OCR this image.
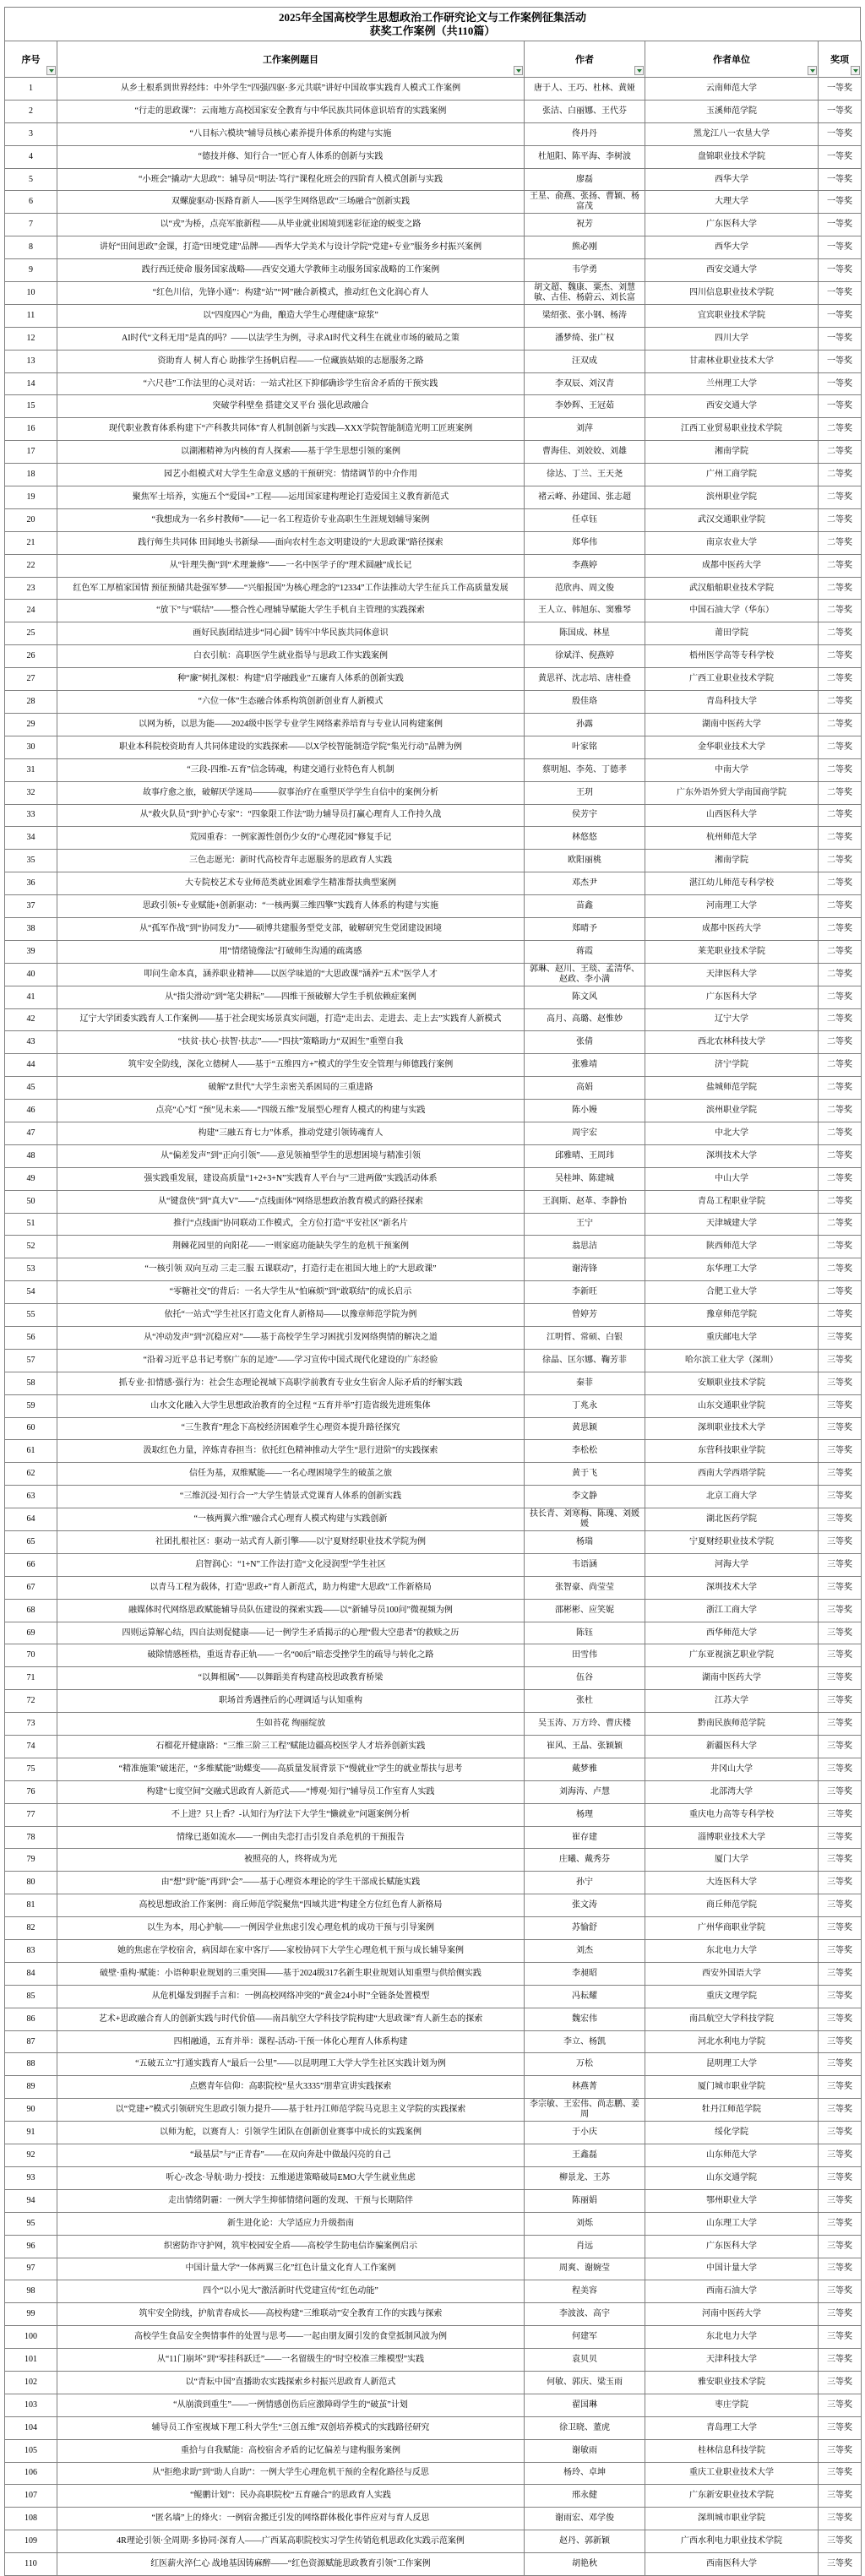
2025年全国高校学生思想政治工作研究论文与工作案例征集活动
获奖工作案例（共110篇）
序号	工作案例题目	作者	作者单位	奖项

1	从乡土根系到世界经纬：中外学生“四强四驱·多元共联”讲好中国故事实践育人模式工作案例	唐于人、王巧、杜林、黄娅	云南师范大学	一等奖
2	“行走的思政课”：云南地方高校国家安全教育与中华民族共同体意识培育的实践案例	张洁、白丽娜、王代芬	玉溪师范学院	一等奖
3	“八目标六模块”辅导员核心素养提升体系的构建与实施	佟丹丹	黑龙江八一农垦大学	一等奖
4	“德技并修、知行合一”匠心育人体系的创新与实践	杜旭阳、陈平海、李树波	盘锦职业技术学院	一等奖
5	“小班会”撬动“大思政”：辅导员“明法·笃行”课程化班会的四阶育人模式创新与实践	廖磊	西华大学	一等奖
6	双螺旋驱动·医路育新人——医学生网络思政“三场融合”创新实践	王星、俞燕、张扬、曹颖、杨富茂	大理大学	一等奖
7	以“戎”为桥，点亮军旅新程——从毕业就业困境到迷彩征途的蜕变之路	祝芳	广东医科大学	一等奖
8	讲好“田间思政”金课，打造“田埂党建”品牌——西华大学美术与设计学院“党建+专业”服务乡村振兴案例	熊必刚	西华大学	一等奖
9	践行西迁使命 服务国家战略——西安交通大学教师主动服务国家战略的工作案例	韦学勇	西安交通大学	一等奖
10	“红色川信，先锋小通”：构建“站”“网”融合新模式，推动红色文化润心育人	胡文超、魏康、粟杰、刘慧敏、古佳、杨蔚云、刘长富	四川信息职业技术学院	一等奖
11	以“四度四心”为曲，酿造大学生心理健康“琼浆”	梁绍张、张小钢、杨涛	宜宾职业技术学院	一等奖
12	AI时代“文科无用”是真的吗？——以法学生为例，寻求AI时代文科生在就业市场的破局之策	潘梦绮、张广权	四川大学	一等奖
13	资助育人 树人育心 助推学生扬帆启程——一位藏族姑娘的志愿服务之路	汪双成	甘肃林业职业技术大学	一等奖
14	“六尺巷”工作法里的心灵对话：一站式社区下抑郁确诊学生宿舍矛盾的干预实践	李双辰、刘汉青	兰州理工大学	一等奖
15	突破学科壁垒 搭建交叉平台 强化思政融合	李妙辉、王冠茹	西安交通大学	一等奖
16	现代职业教育体系构建下“产科教共同体”育人机制创新与实践—XXX学院智能制造光明工匠班案例	刘萍	江西工业贸易职业技术学院	二等奖
17	以湖湘精神为内核的育人探索——基于学生思想引领的案例	曹海佳、刘姣姣、刘雄	湘南学院	二等奖
18	园艺小组模式对大学生生命意义感的干预研究：情绪调节的中介作用	徐达、丁兰、王天尧	广州工商学院	二等奖
19	聚焦军士培养，实施五个“爱国+”工程——运用国家建构理论打造爱国主义教育新范式	褚云峰、孙建国、张志超	滨州职业学院	二等奖
20	“我想成为一名乡村教师”——记一名工程造价专业高职生生涯规划辅导案例	任卓钰	武汉交通职业学院	二等奖
21	践行师生共同体 田间地头书新绿——面向农村生态文明建设的“大思政课”路径探索	郑华伟	南京农业大学	二等奖
22	从“针理失衡”到“术理兼修”——一名中医学子的“理术圆融”成长记	李燕婷	成都中医药大学	二等奖
23	红色军工厚植家国情 预征预储共赴强军梦——“兴船报国”为核心理念的“12334”工作法推动大学生征兵工作高质量发展	范欣冉、周文俊	武汉船舶职业技术学院	二等奖
24	“放下”与“联结”——整合性心理辅导赋能大学生手机自主管理的实践探索	王人立、韩旭东、窦雅琴	中国石油大学（华东）	二等奖
25	画好民族团结进步“同心圆” 铸牢中华民族共同体意识	陈国成、林星	莆田学院	二等奖
26	白衣引航：高职医学生就业指导与思政工作实践案例	徐斌洋、倪燕婷	梧州医学高等专科学校	二等奖
27	种“廉”树扎深根：构建“启学融践业”五廉育人体系的创新实践	黄思祥、沈志培、唐桂叠	广西工业职业技术学院	二等奖
28	“六位一体”生态融合体系构筑创新创业育人新模式	殷佳珞	青岛科技大学	二等奖
29	以网为桥，以思为能——2024级中医学专业学生网络素养培育与专业认同构建案例	孙露	湖南中医药大学	二等奖
30	职业本科院校资助育人共同体建设的实践探索——以X学校智能制造学院“集光行动”品牌为例	叶家铭	金华职业技术大学	二等奖
31	“三段-四维-五育”信念铸魂，构建交通行业特色育人机制	蔡明旭、李苑、丁德孝	中南大学	二等奖
32	故事疗愈之旅，破解厌学迷局———叙事治疗在重塑厌学学生自信中的案例分析	王玥	广东外语外贸大学南国商学院	二等奖
33	从“救火队员”到“护心专家”：“四象限工作法”助力辅导员打赢心理育人工作持久战	侯芳宇	山西医科大学	二等奖
34	荒园重春：一例家源性创伤少女的“心理花园”修复手记	林悠悠	杭州师范大学	二等奖
35	三色志愿光：新时代高校青年志愿服务的思政育人实践	欧阳丽桃	湘南学院	二等奖
36	大专院校艺术专业师范类就业困难学生精准帮扶典型案例	邓杰尹	湛江幼儿师范专科学校	二等奖
37	思政引领+专业赋能+创新驱动：“一核两翼三维四擎”实践育人体系的构建与实施	苗鑫	河南理工大学	二等奖
38	从“孤军作战”到“协同发力”——硕博共建服务型党支部，破解研究生党团建设困境	郑晴予	成都中医药大学	二等奖
39	用“情绪镜像法”打破师生沟通的疏离感	蒋霞	莱芜职业技术学院	二等奖
40	叩问生命本真，涵养职业精神——以医学味道的“大思政课”涵养“五术”医学人才	郭琳、赵川、王琰、孟清华、赵政、李小满	天津医科大学	二等奖
41	从“指尖滑动”到“笔尖耕耘”——四维干预破解大学生手机依赖症案例	陈文风	广东医科大学	二等奖
42	辽宁大学团委实践育人工作案例——基于社会现实场景真实问题，打造“走出去、走进去、走上去”实践育人新模式	高月、高璐、赵惟妙	辽宁大学	二等奖
43	“扶贫·扶心·扶智·扶志”——“四扶”策略助力“双困生”重塑自我	张倩	西北农林科技大学	二等奖
44	筑牢安全防线，深化立德树人——基于“五维四方+”模式的学生安全管理与师德践行案例	张雅靖	济宁学院	二等奖
45	破解“Z世代”大学生亲密关系困局的三重进路	高娟	盐城师范学院	二等奖
46	点亮“心”灯 “预”见未来——“四级五维”发展型心理育人模式的构建与实践	陈小嫚	滨州职业学院	二等奖
47	构建“三融五育七力”体系，推动党建引领铸魂育人	周宇宏	中北大学	二等奖
48	从“偏差发声”到“正向引领”——意见领袖型学生的思想困境与精准引领	邱雅晴、王周玮	深圳技术大学	二等奖
49	强实践重发展，建设高质量“1+2+3+N”实践育人平台与“三进两做”实践活动体系	吴桂坤、陈建城	中山大学	二等奖
50	从“键盘侠”到“真大V”——“点线面体”网络思想政治教育模式的路径探索	王润斯、赵革、李静怡	青岛工程职业学院	二等奖
51	推行“点线面”协同联动工作模式，全方位打造“平安社区”新名片	王宁	天津城建大学	二等奖
52	荆棘花园里的向阳花——一则家庭功能缺失学生的危机干预案例	翁思洁	陕西师范大学	二等奖
53	“一核引领 双向互动 三走三服 五课联动”，打造行走在祖国大地上的“大思政课”	谢涛锋	东华理工大学	二等奖
54	“零糖社交”的背后：一名大学生从“怕麻烦”到“敢联结”的成长启示	李新旺	合肥工业大学	二等奖
55	依托“一站式”学生社区打造文化育人新格局——以豫章师范学院为例	曾婷芳	豫章师范学院	二等奖
56	从“冲动发声”到“沉稳应对”——基于高校学生学习困扰引发网络舆情的解决之道	江明哲、常硕、白银	重庆邮电大学	三等奖
57	“沿着习近平总书记考察广东的足迹”——学习宣传中国式现代化建设的广东经验	徐晶、匡尔娜、鞠芳菲	哈尔滨工业大学（深圳）	三等奖
58	抓专业·扣情感·强行为：社会生态理论视域下高职学前教育专业女生宿舍人际矛盾的纾解实践	秦菲	安顺职业技术学院	三等奖
59	山水文化融入大学生思想政治教育的全过程 “五育并举”打造省级先进班集体	丁兆永	山东交通职业学院	三等奖
60	“三生教育”理念下高校经济困难学生心理资本提升路径探究	黄思颖	深圳职业技术大学	三等奖
61	汲取红色力量，淬炼青春担当：依托红色精神推动大学生“思行进阶”的实践探索	李松松	东营科技职业学院	三等奖
62	信任为基，双维赋能——一名心理困境学生的破茧之旅	黄于飞	西南大学西塔学院	三等奖
63	“三维沉浸·知行合一”大学生情景式党课育人体系的创新实践	李文静	北京工商大学	三等奖
64	“一核两翼六维”融合式心理育人模式构建与实践创新	扶长青、刘寒梅、陈瑰、刘媛媛	湖北医药学院	三等奖
65	社团扎根社区：驱动一站式育人新引擎——以宁夏财经职业技术学院为例	杨瑞	宁夏财经职业技术学院	三等奖
66	启智润心：“1+N”工作法打造“文化浸润型”学生社区	韦语涵	河海大学	三等奖
67	以青马工程为载体，打造“思政+”育人新范式，助力构建“大思政”工作新格局	张智豪、尚莹莹	深圳技术大学	三等奖
68	融媒体时代网络思政赋能辅导员队伍建设的探索实践——以“新辅导员100问”微视频为例	邵彬彬、应笑妮	浙江工商大学	三等奖
69	四则运算解心结，四自法则促健康——记一例学生矛盾揭示的心理“假大空患者”的救赎之历	陈钰	西华师范大学	三等奖
70	破除情感桎梏，重返青春正轨——一名“00后”暗恋受挫学生的疏导与转化之路	田雪伟	广东亚视演艺职业学院	三等奖
71	“以舞相属”——以舞蹈美育构建高校思政教育桥梁	伍谷	湖南中医药大学	三等奖
72	职场首秀遇挫后的心理调适与认知重构	张杜	江苏大学	三等奖
73	生如苔花 绚丽绽放	吴玉涛、万方玲、曹庆楼	黔南民族师范学院	三等奖
74	石榴花开健康路：“三维三阶三工程”赋能边疆高校医学人才培养创新实践	崔风、王晶、张颖颖	新疆医科大学	三等奖
75	“精准施策”破迷茫，“多维赋能”助蝶变——高质量发展背景下“慢就业”学生的就业帮扶与思考	戴梦雅	井冈山大学	三等奖
76	构建“七度空间”交融式思政育人新范式——“博观·知行”辅导员工作室育人实践	刘海涛、卢慧	北部湾大学	三等奖
77	不上进？只上香？-认知行为疗法下大学生“懒就业”问题案例分析	杨理	重庆电力高等专科学校	三等奖
78	情缘已逝如流水——一例由失恋打击引发自杀危机的干预报告	崔存建	淄博职业技术大学	三等奖
79	被照亮的人，终将成为光	庄曦、戴秀芬	厦门大学	三等奖
80	由“想”到“能”再到“会”——基于心理资本理论的学生干部成长赋能实践	孙宁	大连医科大学	三等奖
81	高校思想政治工作案例：商丘师范学院聚焦“四域共进”构建全方位红色育人新格局	张文涛	商丘师范学院	三等奖
82	以生为本，用心护航——一例因学业焦虑引发心理危机的成功干预与引导案例	苏愉舒	广州华商职业学院	三等奖
83	她的焦虑在学校宿舍，病因却在家中客厅——家校协同下大学生心理危机干预与成长辅导案例	刘杰	东北电力大学	三等奖
84	破壁·重构·赋能：小语种职业规划的三重突围——基于2024级317名新生职业规划认知重塑与供给侧实践	李昶昭	西安外国语大学	三等奖
85	从危机爆发到握手言和：一例高校网络冲突的“黄金24小时”全链条处置模型	冯耘耀	重庆文理学院	三等奖
86	艺术+思政融合育人的创新实践与时代价值——南昌航空大学科技学院构建“大思政课”育人新生态的探索	魏宏伟	南昌航空大学科技学院	三等奖
87	四相融通，五育并举：课程-活动-干预一体化心理育人体系构建	李立、杨凯	河北水利电力学院	三等奖
88	“五破五立”打通实践育人“最后一公里”——以昆明理工大学大学生社区实践计划为例	万松	昆明理工大学	三等奖
89	点燃青年信仰：高职院校“星火3335”朋辈宣讲实践探索	林燕菁	厦门城市职业学院	三等奖
90	以“党建+”模式引领研究生思政引领力提升——基于牡丹江师范学院马克思主义学院的实践探索	李宗敏、王宏伟、尚志鹏、姜周	牡丹江师范学院	三等奖
91	以师为舵，以赛育人：引领学生团队在创新创业赛事中成长的实践案例	于小庆	绥化学院	三等奖
92	“最基层”与“正青春”——在双向奔赴中做最闪亮的自己	王鑫磊	山东师范大学	三等奖
93	听心·改念·导航·助力·授技：五维递进策略破局EMO大学生就业焦虑	柳景龙、王苏	山东交通学院	三等奖
94	走出情绪阴霾：一例大学生抑郁情绪问题的发现、干预与长期陪伴	陈丽娟	鄂州职业大学	三等奖
95	新生进化论：大学适应力升级指南	刘烁	山东理工大学	三等奖
96	织密防诈守护网，筑牢校园安全盾——高校学生防电信诈骗案例启示	肖远	广东医科大学	三等奖
97	中国计量大学“一体两翼三化”红色计量文化育人工作案例	周爽、谢婉莹	中国计量大学	三等奖
98	四个“以小见大”激活新时代党建宣传“红色动能”	程美容	西南石油大学	三等奖
99	筑牢安全防线，护航青春成长——高校构建“三维联动”安全教育工作的实践与探索	李波波、高宇	河南中医药大学	三等奖
100	高校学生食品安全舆情事件的处置与思考——一起由朋友圈引发的食堂抵制风波为例	何建军	东北电力大学	三等奖
101	从“11门崩坏”到“零挂科跃迁”——一名留级生的“时空校准三维模型”实践	袁贝贝	天津科技大学	三等奖
102	以“青耘中国”直播助农实践探索乡村振兴思政育人新范式	何敏、郭庆、梁玉雨	雅安职业技术学院	三等奖
103	“从崩溃到重生”——一例情感创伤后应激障碍学生的“破茧”计划	翟国琳	枣庄学院	三等奖
104	辅导员工作室视域下理工科大学生“三创五维”双创培养模式的实践路径研究	徐卫晓、董虎	青岛理工大学	三等奖
105	重拾与自我赋能：高校宿舍矛盾的记忆偏差与建构服务案例	谢敏雨	桂林信息科技学院	三等奖
106	从“拒绝求助”到“助人自助”：一例大学生心理危机干预的全程化路径与反思	杨玲、卓坤	重庆工业职业技术大学	三等奖
107	“鲲鹏计划”：民办高职院校“五育融合”的思政育人实践	邢永健	广东新安职业技术学院	三等奖
108	“匿名墙”上的烽火：一例宿舍搬迁引发的网络群体极化事件应对与育人反思	谢雨宏、邓学俊	深圳城市职业学院	三等奖
109	4R理论引领·全周期·多协同·深育人——广西某高职院校实习学生传销危机思政化实践示范案例	赵丹、郭新颖	广西水利电力职业技术学院	三等奖
110	红医薪火淬仁心 战地基因铸麻醉——“红色资源赋能思政教育引领”工作案例	胡艳秋	西南医科大学	三等奖
